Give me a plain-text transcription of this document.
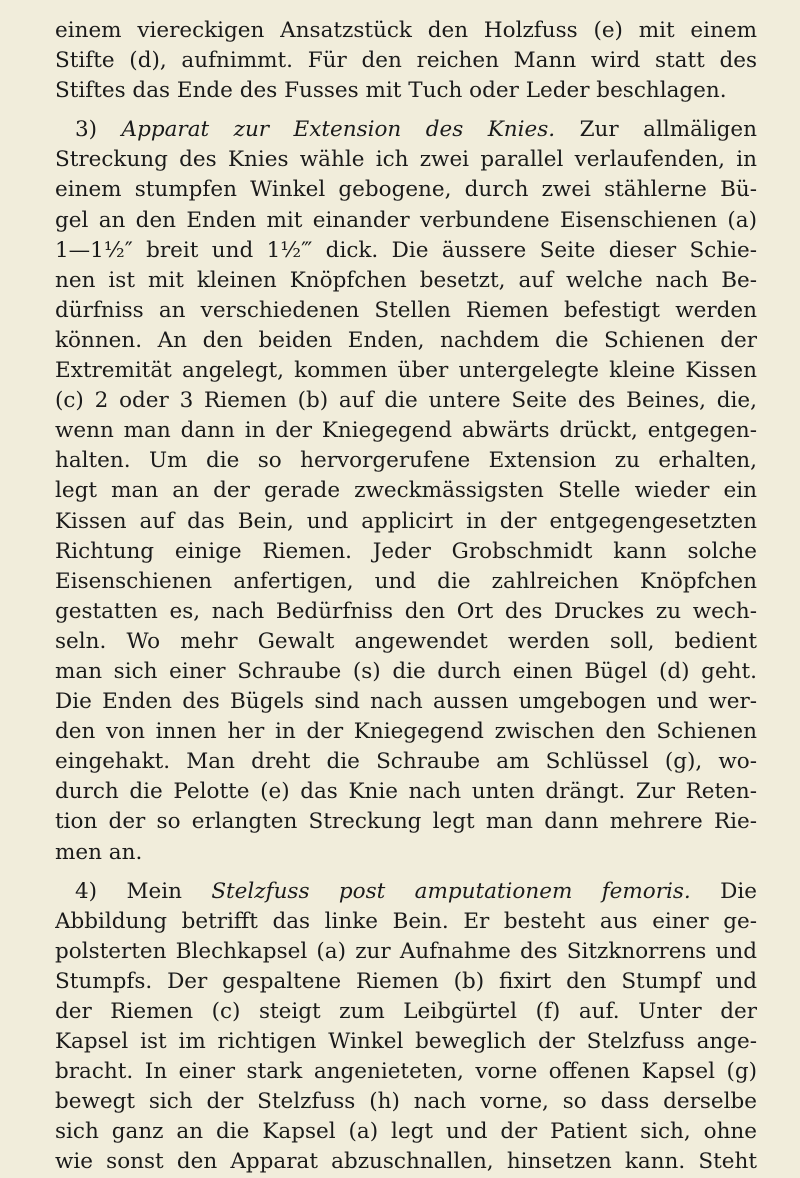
einem viereckigen Ansatzstück den Holzfuss (e) mit einem
Stifte (d), aufnimmt. Für den reichen Mann wird statt des
Stiftes das Ende des Fusses mit Tuch oder Leder beschlagen.
3) Apparat zur Extension des Knies. Zur allmäligen
Streckung des Knies wähle ich zwei parallel verlaufenden, in
einem stumpfen Winkel gebogene, durch zwei stählerne Bü-
gel an den Enden mit einander verbundene Eisenschienen (a)
1—1½″ breit und 1½‴ dick. Die äussere Seite dieser Schie-
nen ist mit kleinen Knöpfchen besetzt, auf welche nach Be-
dürfniss an verschiedenen Stellen Riemen befestigt werden
können. An den beiden Enden, nachdem die Schienen der
Extremität angelegt, kommen über untergelegte kleine Kissen
(c) 2 oder 3 Riemen (b) auf die untere Seite des Beines, die,
wenn man dann in der Kniegegend abwärts drückt, entgegen-
halten. Um die so hervorgerufene Extension zu erhalten,
legt man an der gerade zweckmässigsten Stelle wieder ein
Kissen auf das Bein, und applicirt in der entgegengesetzten
Richtung einige Riemen. Jeder Grobschmidt kann solche
Eisenschienen anfertigen, und die zahlreichen Knöpfchen
gestatten es, nach Bedürfniss den Ort des Druckes zu wech-
seln. Wo mehr Gewalt angewendet werden soll, bedient
man sich einer Schraube (s) die durch einen Bügel (d) geht.
Die Enden des Bügels sind nach aussen umgebogen und wer-
den von innen her in der Kniegegend zwischen den Schienen
eingehakt. Man dreht die Schraube am Schlüssel (g), wo-
durch die Pelotte (e) das Knie nach unten drängt. Zur Reten-
tion der so erlangten Streckung legt man dann mehrere Rie-
men an.
4) Mein Stelzfuss post amputationem femoris. Die
Abbildung betrifft das linke Bein. Er besteht aus einer ge-
polsterten Blechkapsel (a) zur Aufnahme des Sitzknorrens und
Stumpfs. Der gespaltene Riemen (b) fixirt den Stumpf und
der Riemen (c) steigt zum Leibgürtel (f) auf. Unter der
Kapsel ist im richtigen Winkel beweglich der Stelzfuss ange-
bracht. In einer stark angenieteten, vorne offenen Kapsel (g)
bewegt sich der Stelzfuss (h) nach vorne, so dass derselbe
sich ganz an die Kapsel (a) legt und der Patient sich, ohne
wie sonst den Apparat abzuschnallen, hinsetzen kann. Steht
